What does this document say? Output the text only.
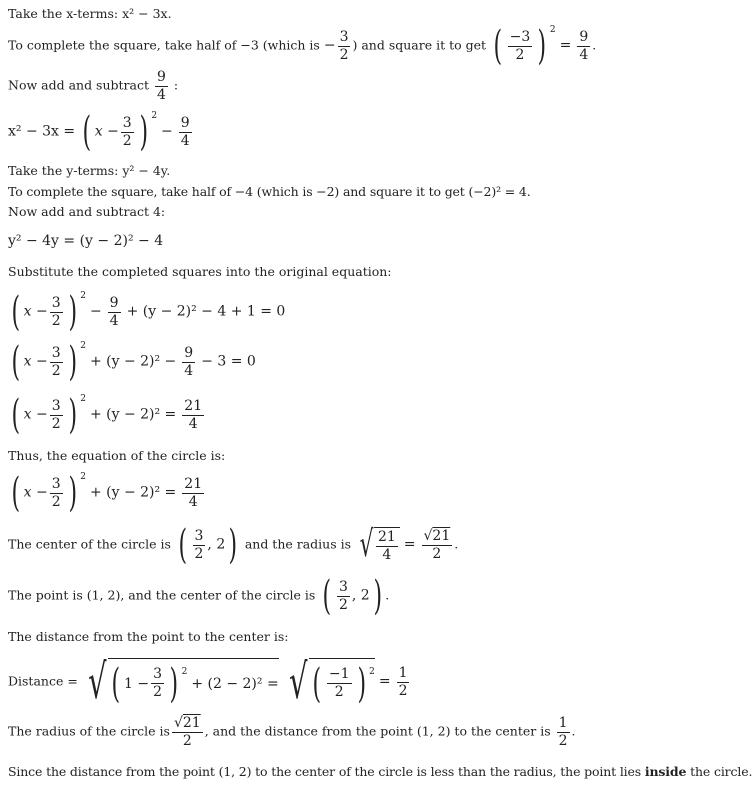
Take the x-terms: x² − 3x.
To complete the square, take half of −3 (which is − $\frac{3}{2}$ ) and square it to get ( $\frac{-3}{2}$ ) $^2 = \frac{9}{4}$ .
Now add and subtract $\frac{9}{4}$ :
x² − 3x = ( $x - \frac{3}{2}$ ) $^2 - \frac{9}{4}$
Take the y-terms: y² − 4y.
To complete the square, take half of −4 (which is −2) and square it to get (−2)² = 4.
Now add and subtract 4:
y² − 4y = (y − 2)² − 4
Substitute the completed squares into the original equation:
( $x - \frac{3}{2}$ ) $^2 - \frac{9}{4} + (y - 2)^2 - 4 + 1 = 0$
( $x - \frac{3}{2}$ ) $^2 + (y - 2)^2 - \frac{9}{4} - 3 = 0$
( $x - \frac{3}{2}$ ) $^2 + (y - 2)^2 = \frac{21}{4}$
Thus, the equation of the circle is:
( $x - \frac{3}{2}$ ) $^2 + (y - 2)^2 = \frac{21}{4}$
The center of the circle is ( $\frac{3}{2}$ , 2) and the radius is √ $\frac{21}{4} = \frac{√21}{2}$ .
The point is (1, 2), and the center of the circle is ( $\frac{3}{2}$ , 2) .
The distance from the point to the center is:
Distance = √ ( $1 - \frac{3}{2}$ ) $^2$

+ (2 − 2)² =
√ ( $\frac{-1}{2}$ ) $^2$
= $\frac{1}{2}$
The radius of the circle is $\frac{√21}{2}$ , and the distance from the point (1, 2) to the center is $\frac{1}{2}$ .
Since the distance from the point (1, 2) to the center of the circle is less than the radius, the point lies inside the circle.
